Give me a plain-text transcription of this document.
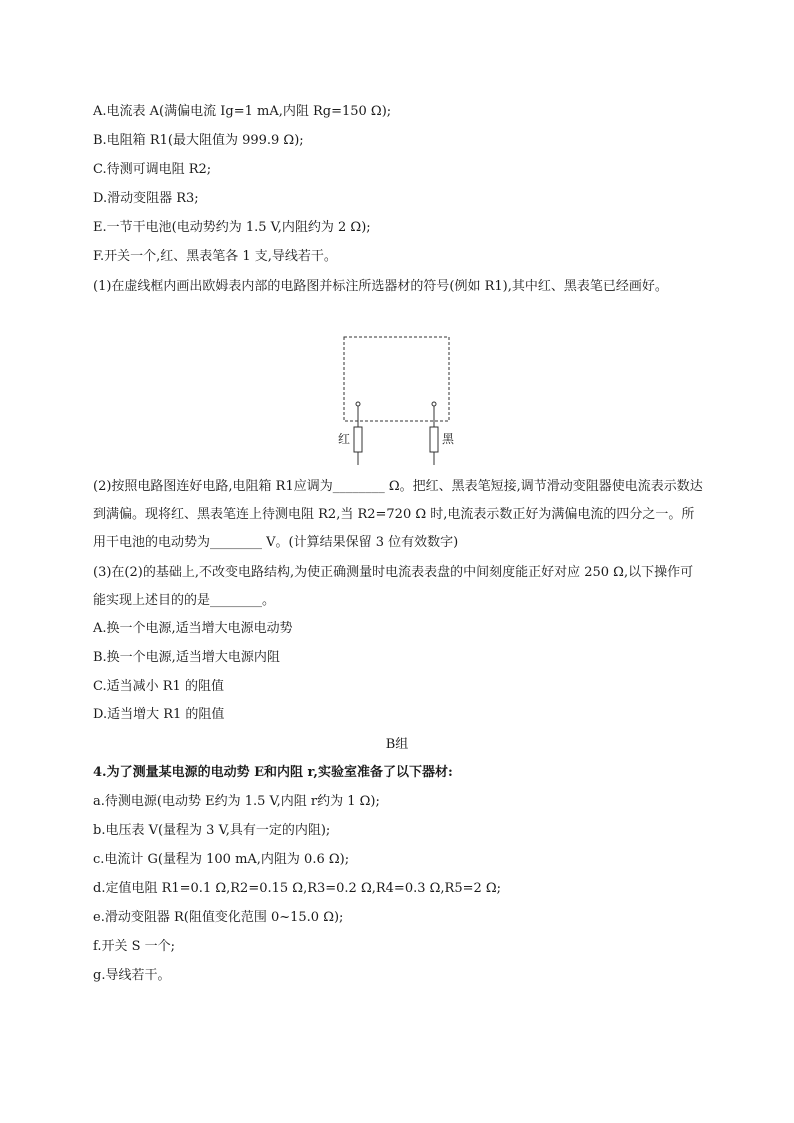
A.电流表 A(满偏电流 Ig=1 mA,内阻 Rg=150 Ω);
B.电阻箱 R1(最大阻值为 999.9 Ω);
C.待测可调电阻 R2;
D.滑动变阻器 R3;
E.一节干电池(电动势约为 1.5 V,内阻约为 2 Ω);
F.开关一个,红、黑表笔各 1 支,导线若干。
(1)在虚线框内画出欧姆表内部的电路图并标注所选器材的符号(例如 R1),其中红、黑表笔已经画好。
红	黑
(2)按照电路图连好电路,电阻箱 R1应调为________ Ω。把红、黑表笔短接,调节滑动变阻器使电流表示数达到满偏。现将红、黑表笔连上待测电阻 R2,当 R2=720 Ω 时,电流表示数正好为满偏电流的四分之一。所用干电池的电动势为________ V。(计算结果保留 3 位有效数字)
(3)在(2)的基础上,不改变电路结构,为使正确测量时电流表表盘的中间刻度能正好对应 250 Ω,以下操作可能实现上述目的的是________。
A.换一个电源,适当增大电源电动势
B.换一个电源,适当增大电源内阻
C.适当减小 R1 的阻值
D.适当增大 R1 的阻值
B组
4.为了测量某电源的电动势 E和内阻 r,实验室准备了以下器材:
a.待测电源(电动势 E约为 1.5 V,内阻 r约为 1 Ω);
b.电压表 V(量程为 3 V,具有一定的内阻);
c.电流计 G(量程为 100 mA,内阻为 0.6 Ω);
d.定值电阻 R1=0.1 Ω,R2=0.15 Ω,R3=0.2 Ω,R4=0.3 Ω,R5=2 Ω;
e.滑动变阻器 R(阻值变化范围 0~15.0 Ω);
f.开关 S 一个;
g.导线若干。
